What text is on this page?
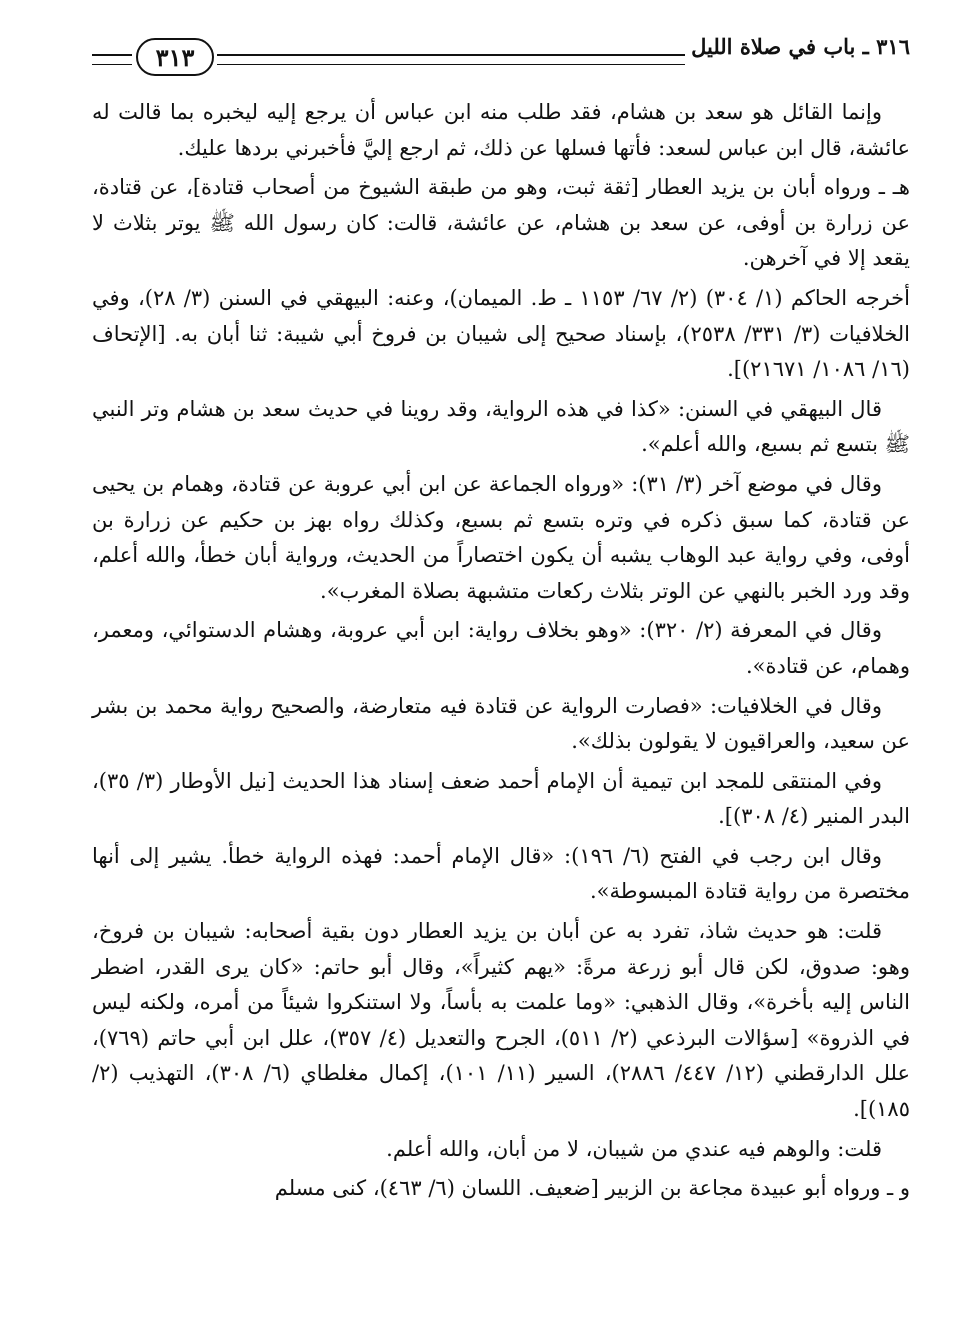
٣١٦ ـ باب في صلاة الليل
٣١٣

وإنما القائل هو سعد بن هشام، فقد طلب منه ابن عباس أن يرجع إليه ليخبره بما قالت له عائشة، قال ابن عباس لسعد: فأتها فسلها عن ذلك، ثم ارجع إليَّ فأخبرني بردها عليك.

هـ ـ ورواه أبان بن يزيد العطار [ثقة ثبت، وهو من طبقة الشيوخ من أصحاب قتادة]، عن قتادة، عن زرارة بن أوفى، عن سعد بن هشام، عن عائشة، قالت: كان رسول الله ﷺ يوتر بثلاث لا يقعد إلا في آخرهن.

أخرجه الحاكم (١/ ٣٠٤) (٢/ ٦٧/ ١١٥٣ ـ ط. الميمان)، وعنه: البيهقي في السنن (٣/ ٢٨)، وفي الخلافيات (٣/ ٣٣١/ ٢٥٣٨)، بإسناد صحيح إلى شيبان بن فروخ أبي شيبة: ثنا أبان به. [الإتحاف (١٦/ ١٠٨٦/ ٢١٦٧١)].

قال البيهقي في السنن: «كذا في هذه الرواية، وقد روينا في حديث سعد بن هشام وتر النبي ﷺ بتسع ثم بسبع، والله أعلم».

وقال في موضع آخر (٣/ ٣١): «ورواه الجماعة عن ابن أبي عروبة عن قتادة، وهمام بن يحيى عن قتادة، كما سبق ذكره في وتره بتسع ثم بسبع، وكذلك رواه بهز بن حكيم عن زرارة بن أوفى، وفي رواية عبد الوهاب يشبه أن يكون اختصاراً من الحديث، ورواية أبان خطأ، والله أعلم، وقد ورد الخبر بالنهي عن الوتر بثلاث ركعات متشبهة بصلاة المغرب».

وقال في المعرفة (٢/ ٣٢٠): «وهو بخلاف رواية: ابن أبي عروبة، وهشام الدستوائي، ومعمر، وهمام، عن قتادة».

وقال في الخلافيات: «فصارت الرواية عن قتادة فيه متعارضة، والصحيح رواية محمد بن بشر عن سعيد، والعراقيون لا يقولون بذلك».

وفي المنتقى للمجد ابن تيمية أن الإمام أحمد ضعف إسناد هذا الحديث [نيل الأوطار (٣/ ٣٥)، البدر المنير (٤/ ٣٠٨)].

وقال ابن رجب في الفتح (٦/ ١٩٦): «قال الإمام أحمد: فهذه الرواية خطأ. يشير إلى أنها مختصرة من رواية قتادة المبسوطة».

قلت: هو حديث شاذ، تفرد به عن أبان بن يزيد العطار دون بقية أصحابه: شيبان بن فروخ، وهو: صدوق، لكن قال أبو زرعة مرةً: «يهم كثيراً»، وقال أبو حاتم: «كان يرى القدر، اضطر الناس إليه بأخرة»، وقال الذهبي: «وما علمت به بأساً، ولا استنكروا شيئاً من أمره، ولكنه ليس في الذروة» [سؤالات البرذعي (٢/ ٥١١)، الجرح والتعديل (٤/ ٣٥٧)، علل ابن أبي حاتم (٧٦٩)، علل الدارقطني (١٢/ ٤٤٧/ ٢٨٨٦)، السير (١١/ ١٠١)، إكمال مغلطاي (٦/ ٣٠٨)، التهذيب (٢/ ١٨٥)].

قلت: والوهم فيه عندي من شيبان، لا من أبان، والله أعلم.

و ـ ورواه أبو عبيدة مجاعة بن الزبير [ضعيف. اللسان (٦/ ٤٦٣)، كنى مسلم
